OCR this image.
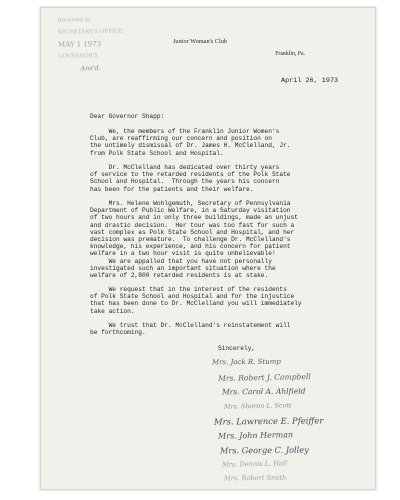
Received in
SECRETARY'S OFFICE
MAY 1 1973
GOVERNOR'S
Ans'd.
Junior Woman's Club
Franklin, Pa.
April 26, 1973
Dear Governor Shapp:
We, the members of the Franklin Junior Women's
Club, are reaffirming our concern and position on
the untimely dismissal of Dr. James H. McClelland, Jr.
from Polk State School and Hospital.
Dr. McClelland has dedicated over thirty years
of service to the retarded residents of the Polk State
School and Hospital.  Through the years his concern
has been for the patients and their welfare.
Mrs. Helene Wohlgemuth, Secretary of Pennsylvania
Department of Public Welfare, in a Saturday visitation
of two hours and in only three buildings, made an unjust
and drastic decision.  Her tour was too fast for such a
vast complex as Polk State School and Hospital, and her
decision was premature.  To challenge Dr. McClelland's
knowledge, his experience, and his concern for patient
welfare in a two hour visit is quite unbelievable!
We are appalled that you have not personally
investigated such an important situation where the
welfare of 2,800 retarded residents is at stake.
We request that in the interest of the residents
of Polk State School and Hospital and for the injustice
that has been done to Dr. McClelland you will immediately
take action.
We trust that Dr. McClelland's reinstatement will
be forthcoming.
Sincerely,
Mrs. Jack R. Stump
Mrs. Robert J. Campbell
Mrs. Carol A. Ahlfield
Mrs. Sharon L. Scott
Mrs. Lawrence E. Pfeiffer
Mrs. John Herman
Mrs. George C. Jolley
Mrs. Dennis L. Hall
Mrs. Robert Smith
